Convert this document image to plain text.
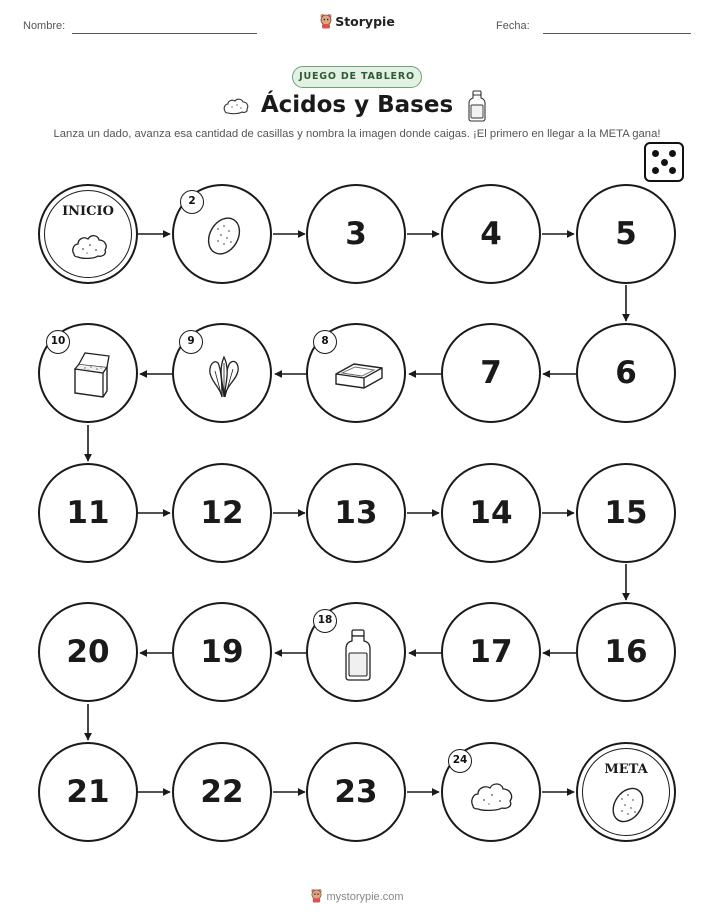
Nombre:	Storypie	Fecha:
JUEGO DE TABLERO
Ácidos y Bases
Lanza un dado, avanza esa cantidad de casillas y nombra la imagen donde caigas. ¡El primero en llegar a la META gana!
INICIO
2
3	4	5
10	9	8
7	6
11	12	13	14	15
20	19
18
17	16
21	22	23
24
META
mystorypie.com
